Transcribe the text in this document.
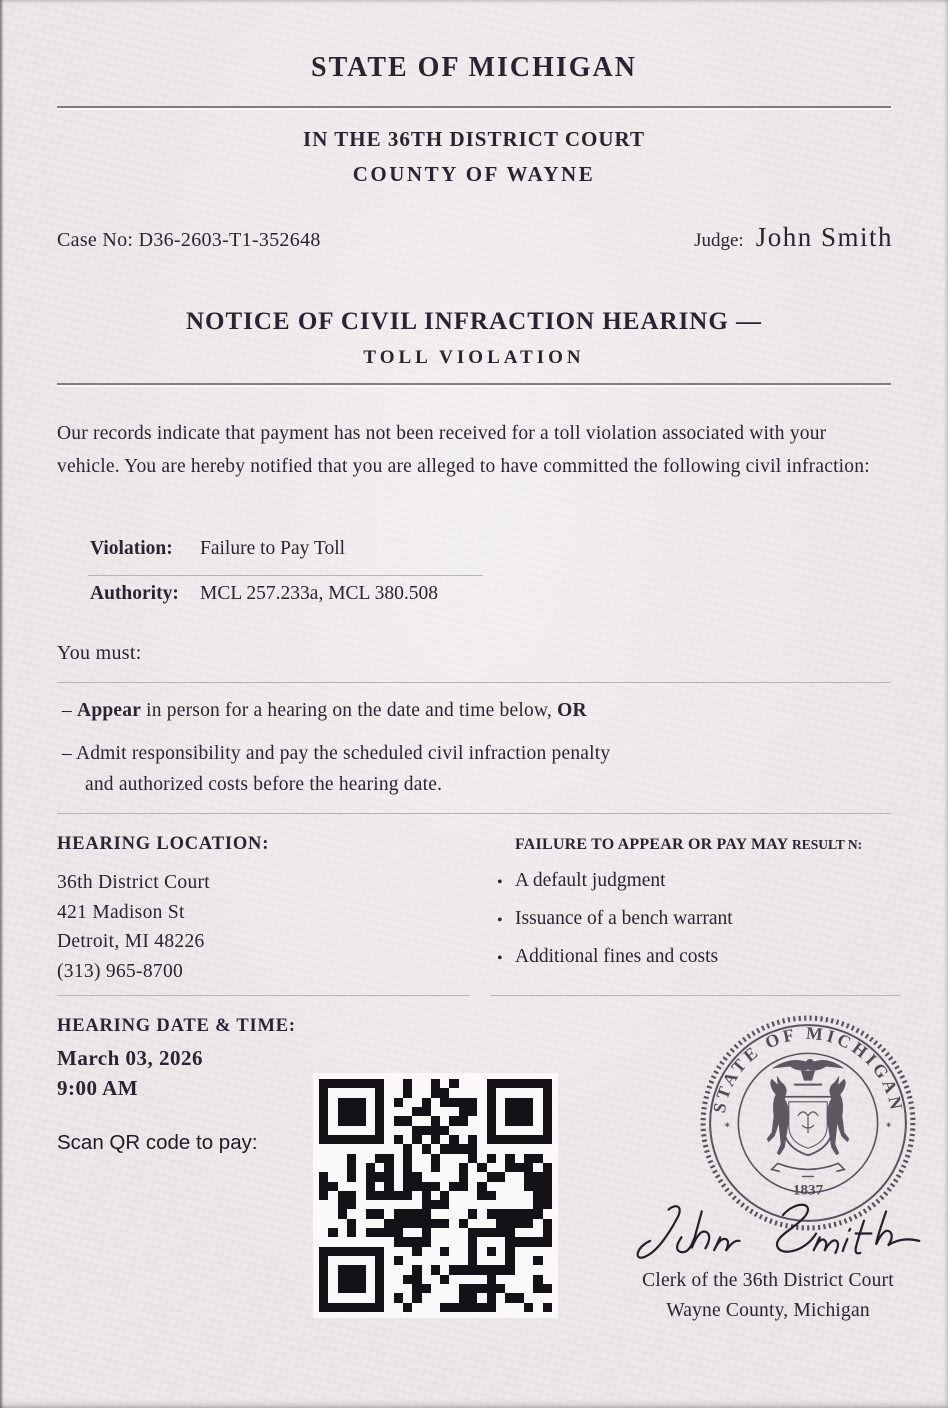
STATE OF MICHIGAN
IN THE 36TH DISTRICT COURT
COUNTY OF WAYNE
Case No: D36-2603-T1-352648	Judge: John Smith
NOTICE OF CIVIL INFRACTION HEARING —
TOLL VIOLATION

Our records indicate that payment has not been received for a toll violation associated with your vehicle. You are hereby notified that you are alleged to have committed the following civil infraction:

Violation:	Failure to Pay Toll
Authority:	MCL 257.233a, MCL 380.508
You must:
– Appear in person for a hearing on the date and time below, OR
– Admit responsibility and pay the scheduled civil infraction penalty
and authorized costs before the hearing date.
HEARING LOCATION:
36th District Court
421 Madison St
Detroit, MI 48226
(313) 965-8700
FAILURE TO APPEAR OR PAY MAY RESULT N:
• A default judgment
• Issuance of a bench warrant
• Additional fines and costs
HEARING DATE & TIME:
March 03, 2026
9:00 AM
Scan QR code to pay:
STATE OF MICHIGAN
✶	✶
1837
Clerk of the 36th District Court
Wayne County, Michigan
